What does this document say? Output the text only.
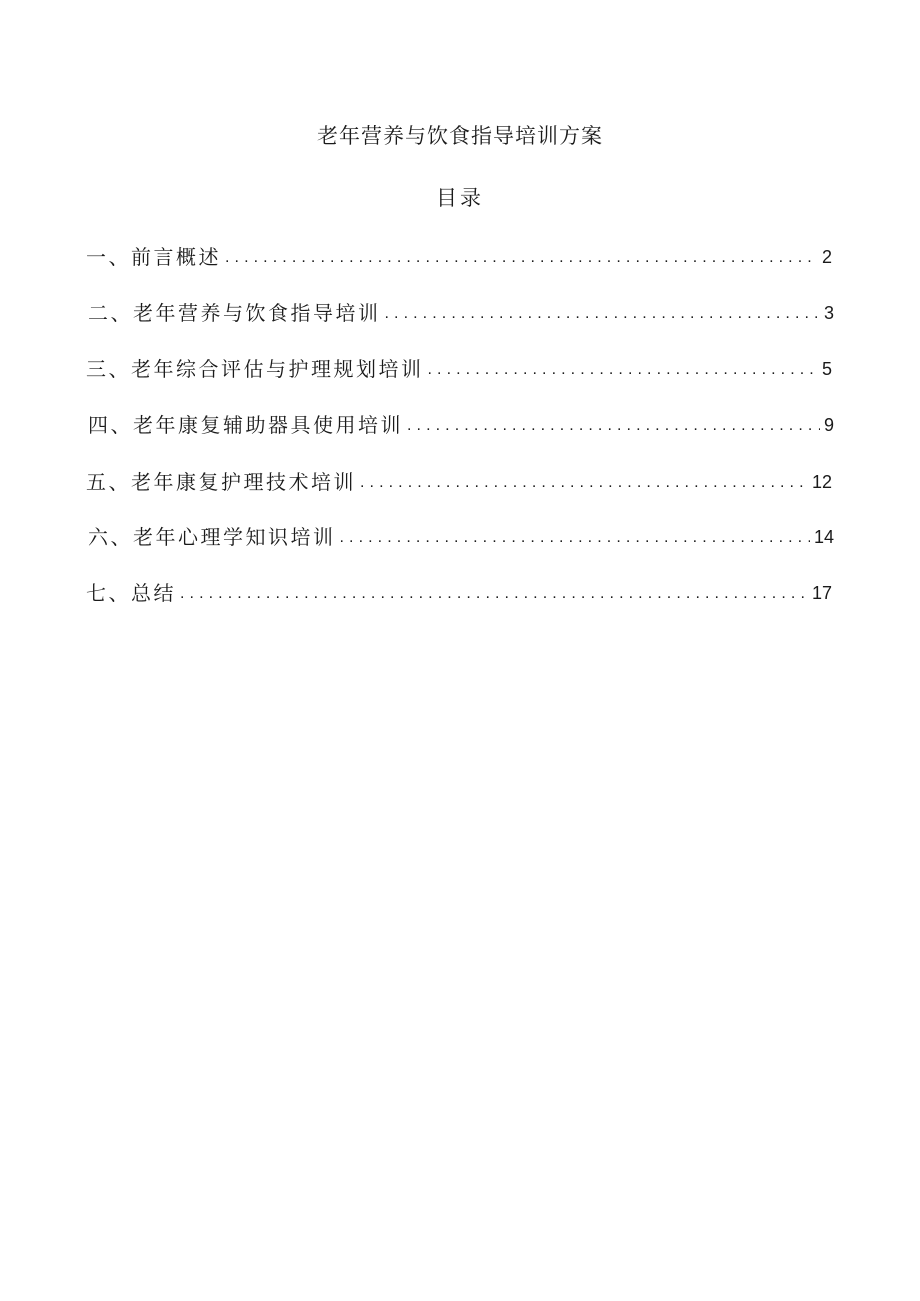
老年营养与饮食指导培训方案
目录
一、前言概述 .....	2
二、老年营养与饮食指导培训 .....	3
三、老年综合评估与护理规划培训 .....	5
四、老年康复辅助器具使用培训 .....	9
五、老年康复护理技术培训 .....	12
六、老年心理学知识培训 .....	14
七、总结 .....	17
